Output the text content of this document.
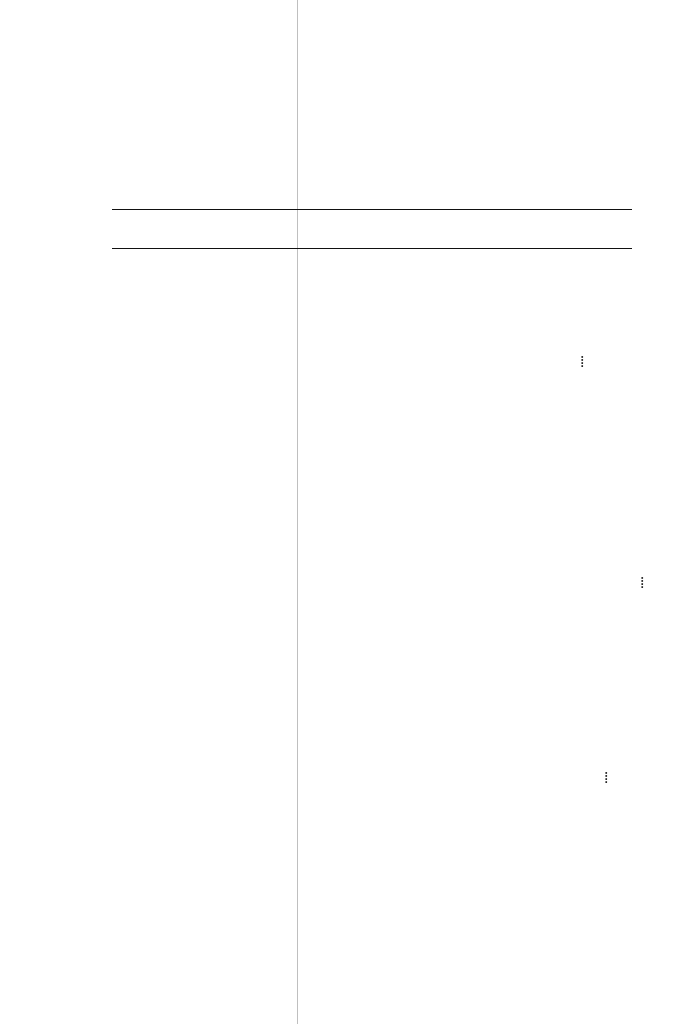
⁞
⁞
⁞
